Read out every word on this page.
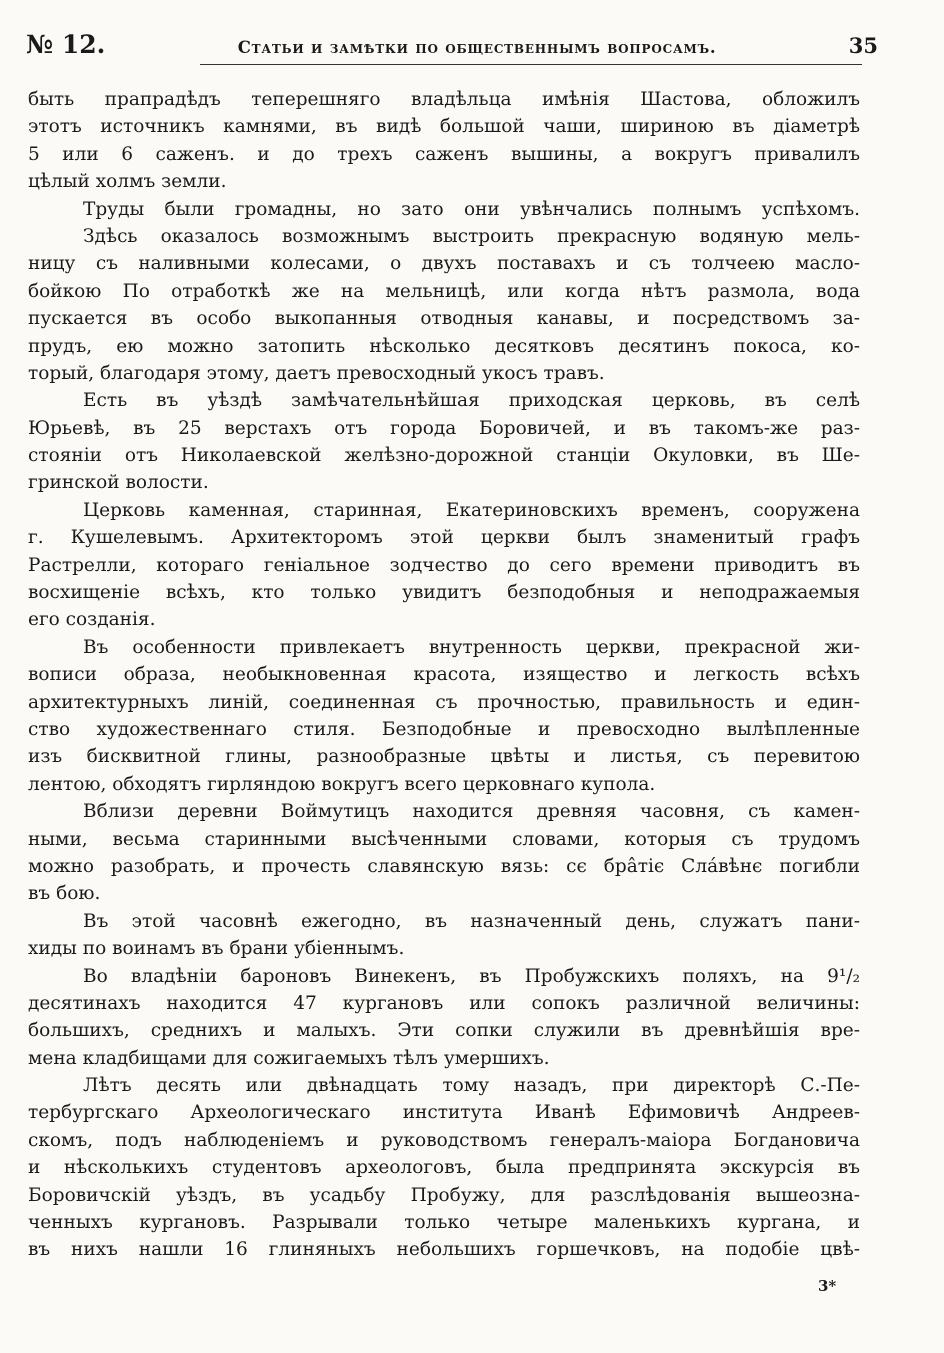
№ 12.	Статьи и замѣтки по общественнымъ вопросамъ.	35
быть прапрадѣдъ теперешняго владѣльца имѣнія Шастова, обложилъ
этотъ источникъ камнями, въ видѣ большой чаши, шириною въ діаметрѣ
5 или 6 саженъ. и до трехъ саженъ вышины, а вокругъ привалилъ
цѣлый холмъ земли.
Труды были громадны, но зато они увѣнчались полнымъ успѣхомъ.
Здѣсь оказалось возможнымъ выстроить прекрасную водяную мель-
ницу съ наливными колесами, о двухъ поставахъ и съ толчеею масло-
бойкою По отработкѣ же на мельницѣ, или когда нѣтъ размола, вода
пускается въ особо выкопанныя отводныя канавы, и посредствомъ за-
прудъ, ею можно затопить нѣсколько десятковъ десятинъ покоса, ко-
торый, благодаря этому, даетъ превосходный укосъ травъ.
Есть въ уѣздѣ замѣчательнѣйшая приходская церковь, въ селѣ
Юрьевѣ, въ 25 верстахъ отъ города Боровичей, и въ такомъ-же раз-
стояніи отъ Николаевской желѣзно-дорожной станціи Окуловки, въ Ше-
гринской волости.
Церковь каменная, старинная, Екатериновскихъ временъ, сооружена
г. Кушелевымъ. Архитекторомъ этой церкви былъ знаменитый графъ
Растрелли, котораго геніальное зодчество до сего времени приводитъ въ
восхищеніе всѣхъ, кто только увидитъ безподобныя и неподражаемыя
его созданія.
Въ особенности привлекаетъ внутренность церкви, прекрасной жи-
вописи образа, необыкновенная красота, изящество и легкость всѣхъ
архитектурныхъ линій, соединенная съ прочностью, правильность и един-
ство художественнаго стиля. Безподобные и превосходно вылѣпленные
изъ бисквитной глины, разнообразные цвѣты и листья, съ перевитою
лентою, обходятъ гирляндою вокругъ всего церковнаго купола.
Вблизи деревни Воймутицъ находится древняя часовня, съ камен-
ными, весьма старинными высѣченными словами, которыя съ трудомъ
можно разобрать, и прочесть славянскую вязь: сє бра̂тіє Сла́вѣнє погибли
въ бою.
Въ этой часовнѣ ежегодно, въ назначенный день, служатъ пани-
хиды по воинамъ въ брани убіеннымъ.
Во владѣніи бароновъ Винекенъ, въ Пробужскихъ поляхъ, на 9¹/₂
десятинахъ находится 47 кургановъ или сопокъ различной величины:
большихъ, среднихъ и малыхъ. Эти сопки служили въ древнѣйшія вре-
мена кладбищами для сожигаемыхъ тѣлъ умершихъ.
Лѣтъ десять или двѣнадцать тому назадъ, при директорѣ С.-Пе-
тербургскаго Археологическаго института Иванѣ Ефимовичѣ Андреев-
скомъ, подъ наблюденіемъ и руководствомъ генералъ-маіора Богдановича
и нѣсколькихъ студентовъ археологовъ, была предпринята экскурсія въ
Боровичскій уѣздъ, въ усадьбу Пробужу, для разслѣдованія вышеозна-
ченныхъ кургановъ. Разрывали только четыре маленькихъ кургана, и
въ нихъ нашли 16 глиняныхъ небольшихъ горшечковъ, на подобіе цвѣ-
3*
